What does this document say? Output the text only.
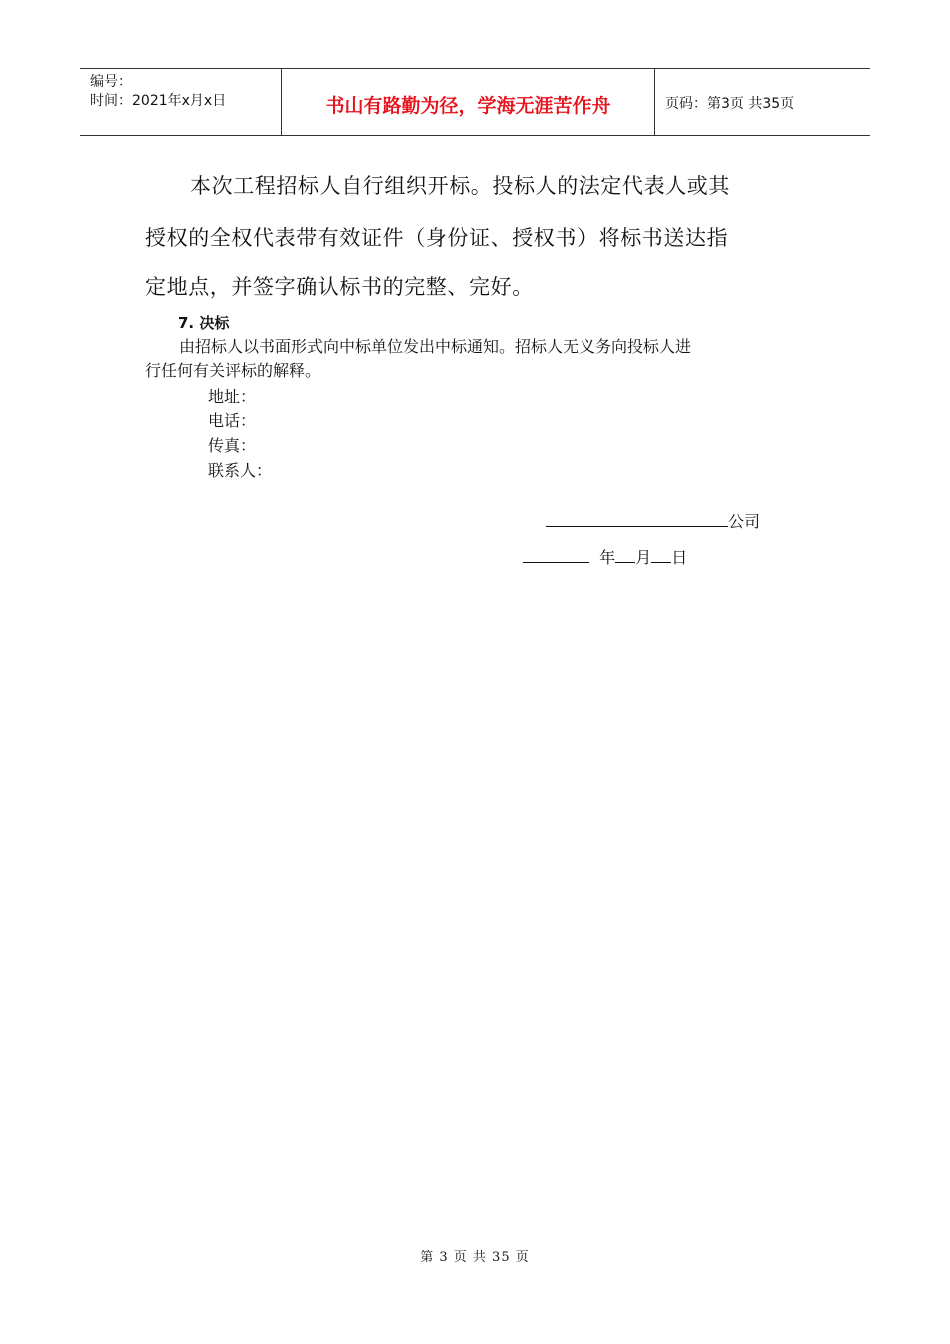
编号：
时间：2021年x月x日	书山有路勤为径，学海无涯苦作舟	页码：第3页 共35页
本次工程招标人自行组织开标。投标人的法定代表人或其
授权的全权代表带有效证件（身份证、授权书）将标书送达指
定地点，并签字确认标书的完整、完好。
7. 决标
由招标人以书面形式向中标单位发出中标通知。招标人无义务向投标人进
行任何有关评标的解释。
地址：
电话：
传真：
联系人：
公司
年 月 日
第 3 页 共 35 页
